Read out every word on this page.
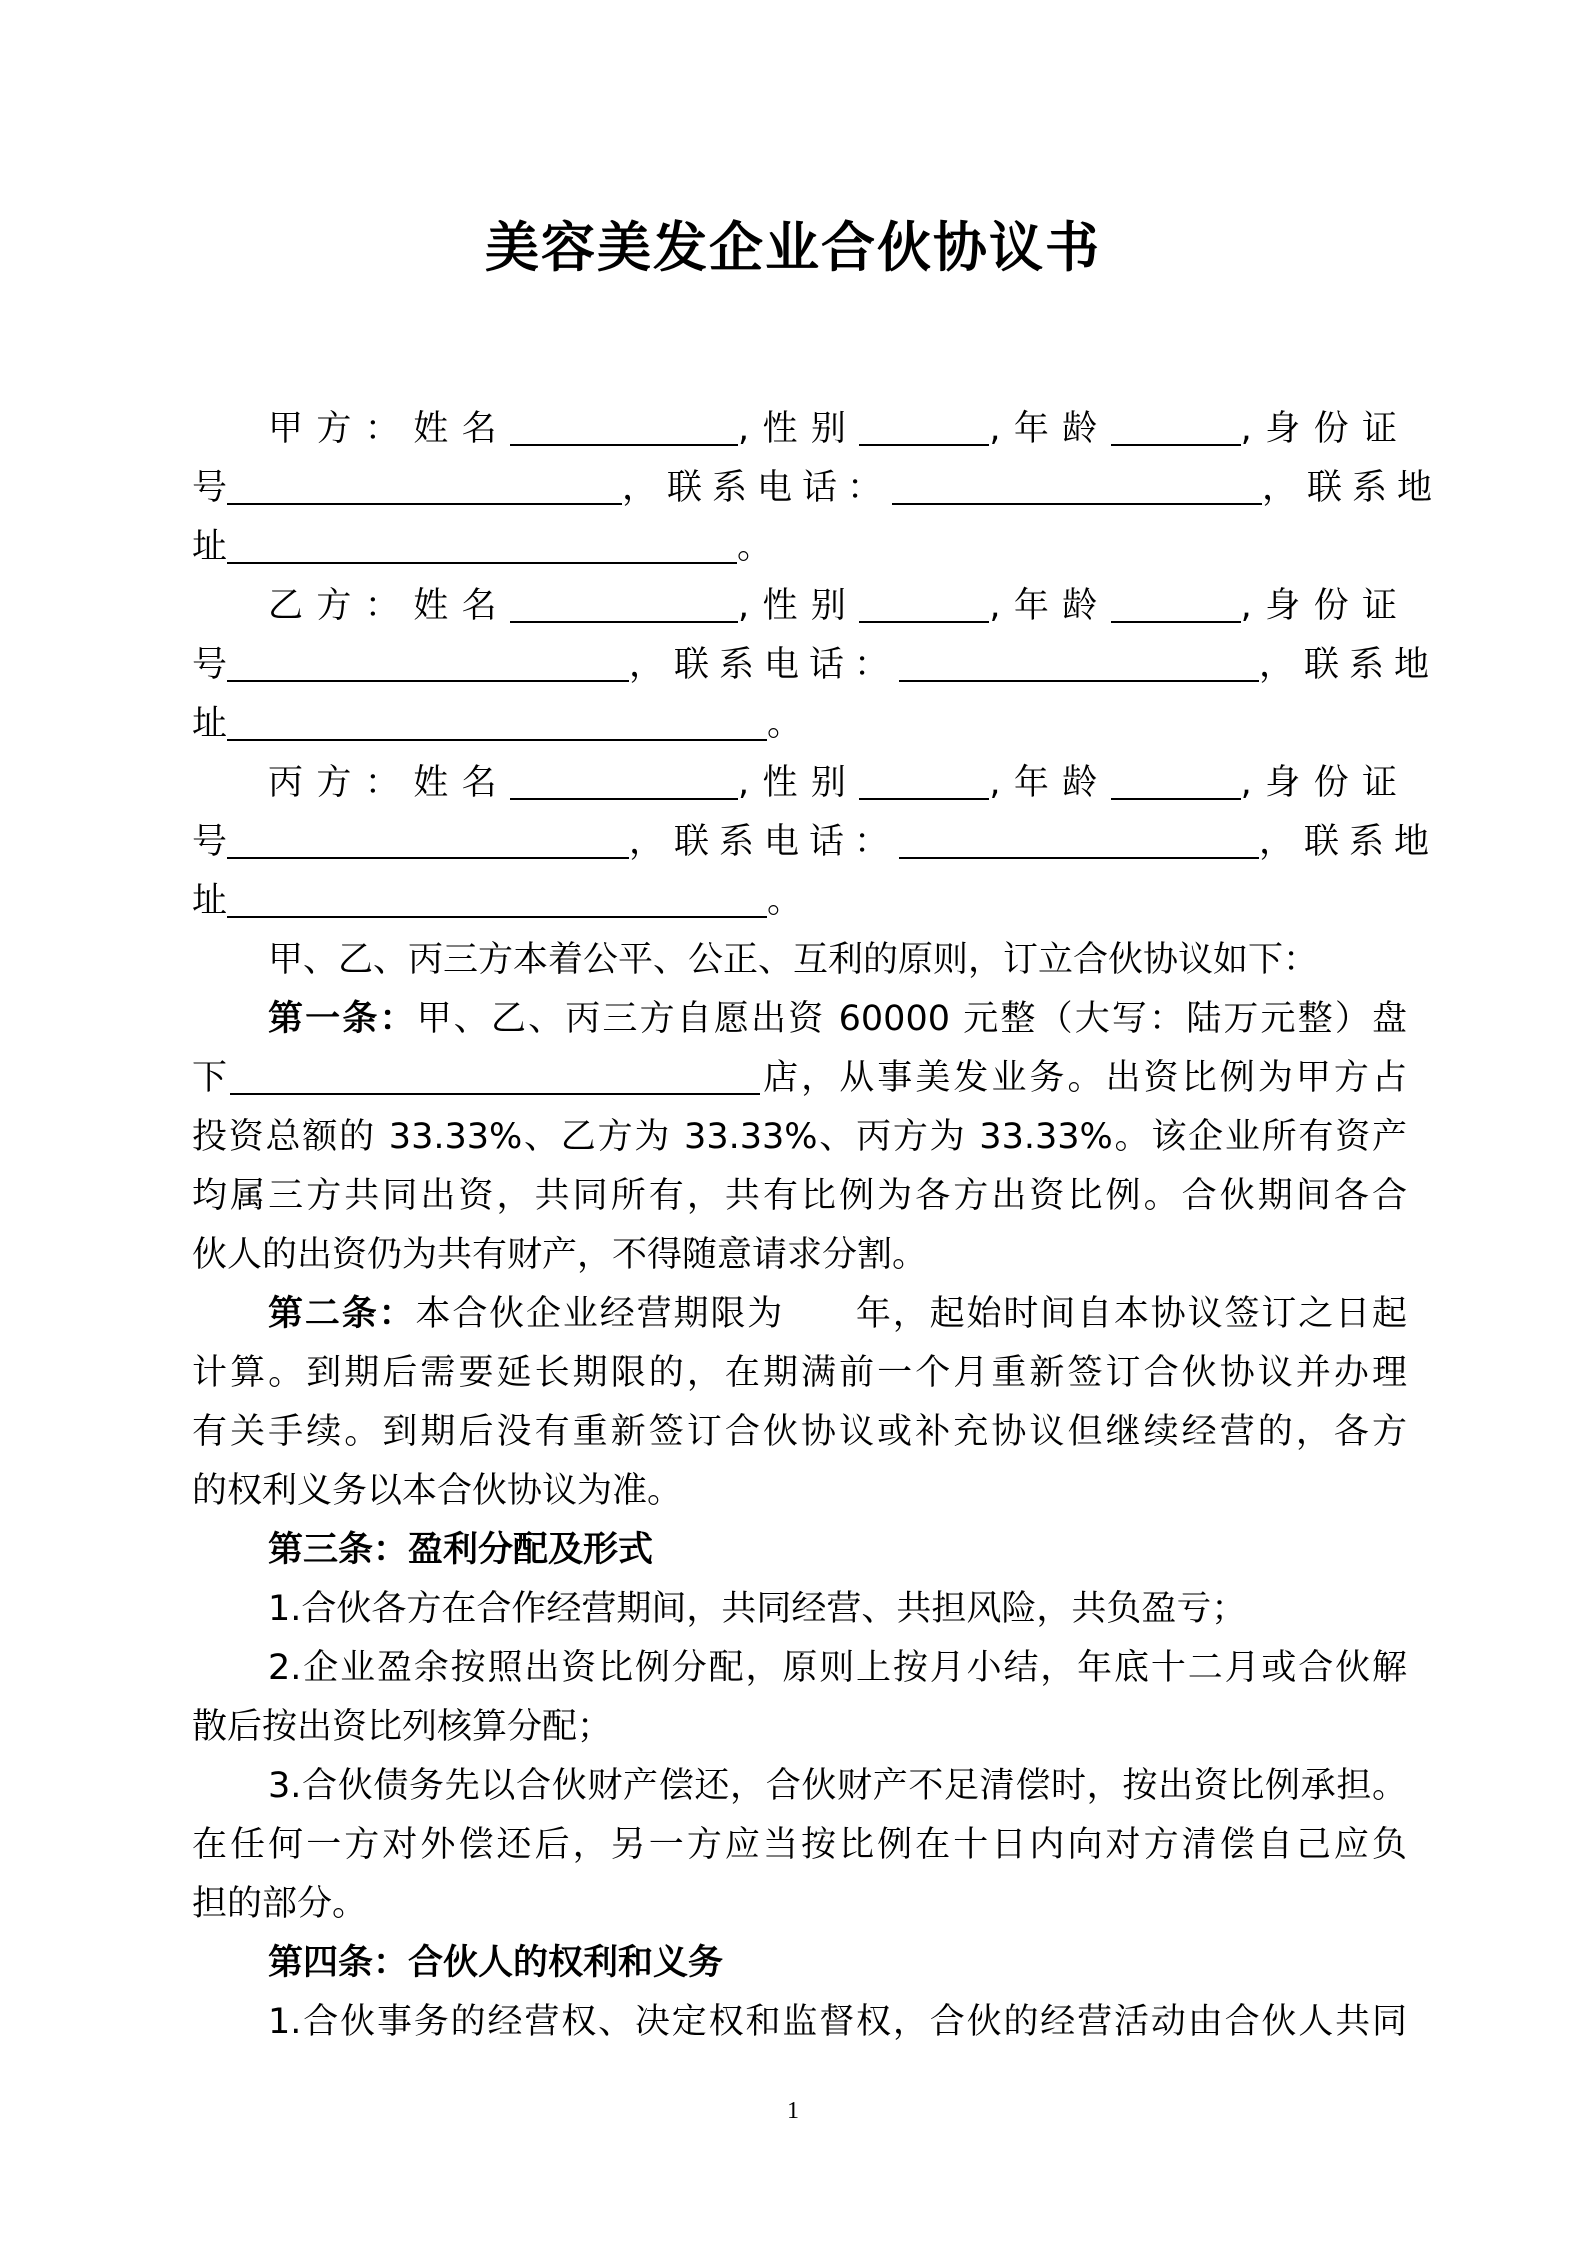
美容美发企业合伙协议书
甲方：姓名	,性别	,年龄	,身份证
号	，联系电话：	，联系地
址	。
乙方：姓名	,性别	,年龄	,身份证
号	，联系电话：	，联系地
址	。
丙方：姓名	,性别	,年龄	,身份证
号	，联系电话：	，联系地
址	。
甲、乙、丙三方本着公平、公正、互利的原则，订立合伙协议如下：
第一条：甲、乙、丙三方自愿出资 60000 元整（大写：陆万元整）盘
下	店，从事美发业务。出资比例为甲方占
投资总额的 33.33%、乙方为 33.33%、丙方为 33.33%。该企业所有资产
均属三方共同出资，共同所有，共有比例为各方出资比例。合伙期间各合
伙人的出资仍为共有财产，不得随意请求分割。
第二条：本合伙企业经营期限为 年，起始时间自本协议签订之日起
计算。到期后需要延长期限的，在期满前一个月重新签订合伙协议并办理
有关手续。到期后没有重新签订合伙协议或补充协议但继续经营的，各方
的权利义务以本合伙协议为准。
第三条：盈利分配及形式
1.合伙各方在合作经营期间，共同经营、共担风险，共负盈亏；
2.企业盈余按照出资比例分配，原则上按月小结，年底十二月或合伙解
散后按出资比列核算分配；
3.合伙债务先以合伙财产偿还，合伙财产不足清偿时，按出资比例承担。
在任何一方对外偿还后，另一方应当按比例在十日内向对方清偿自己应负
担的部分。
第四条：合伙人的权利和义务
1.合伙事务的经营权、决定权和监督权，合伙的经营活动由合伙人共同
1
